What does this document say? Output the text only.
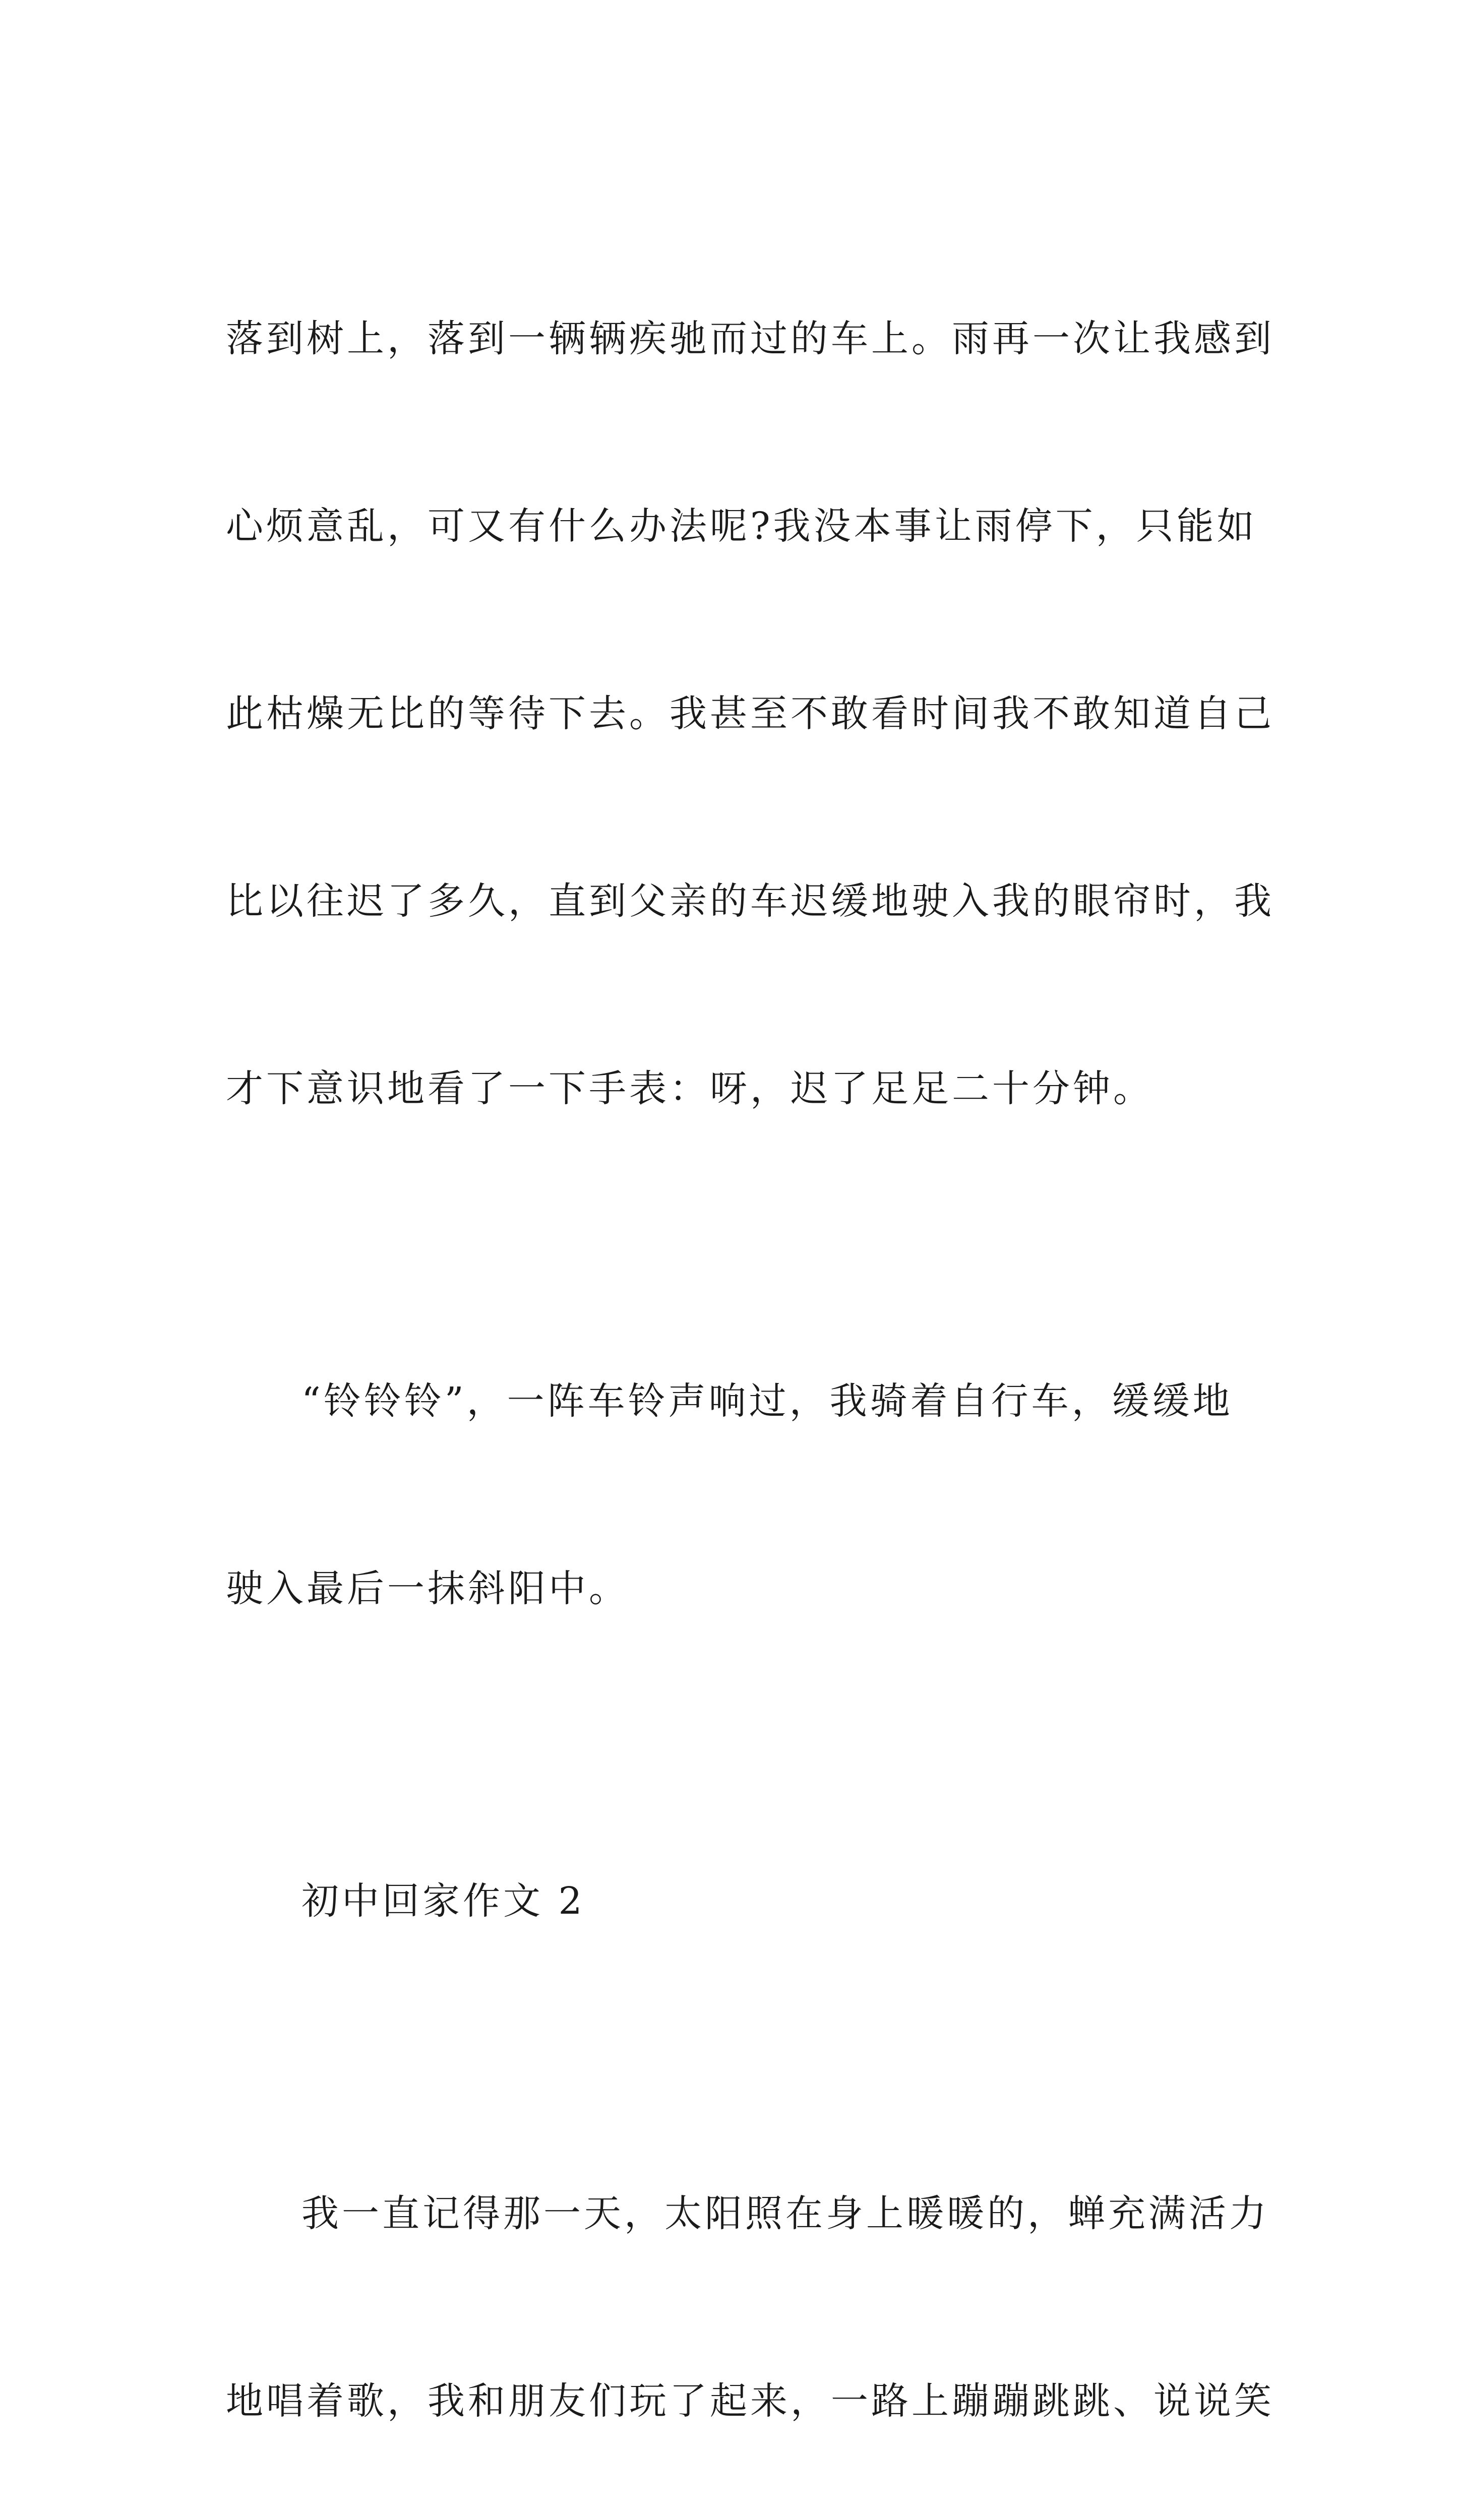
落到树上，落到一辆辆疾驰而过的车上。雨再一次让我感到

心烦意乱，可又有什么办法呢?我没本事让雨停下，只能如

此枯燥无比的等待下去。我甚至不敢看时间我不敢知道自己

比以往迟了多久，直到父亲的车迟缓地驶入我的眼帘时，我

才下意识地看了一下手表：呀，迟了足足二十分钟。

“铃铃铃”，一阵车铃声响过，我骑着自行车，缓缓地

驶入最后一抹斜阳中。

初中回家作文 2

我一直记得那一天，太阳照在身上暖暖的，蝉充满活力

地唱着歌，我和朋友们玩了起来，一路上蹦蹦跳跳、说说笑
